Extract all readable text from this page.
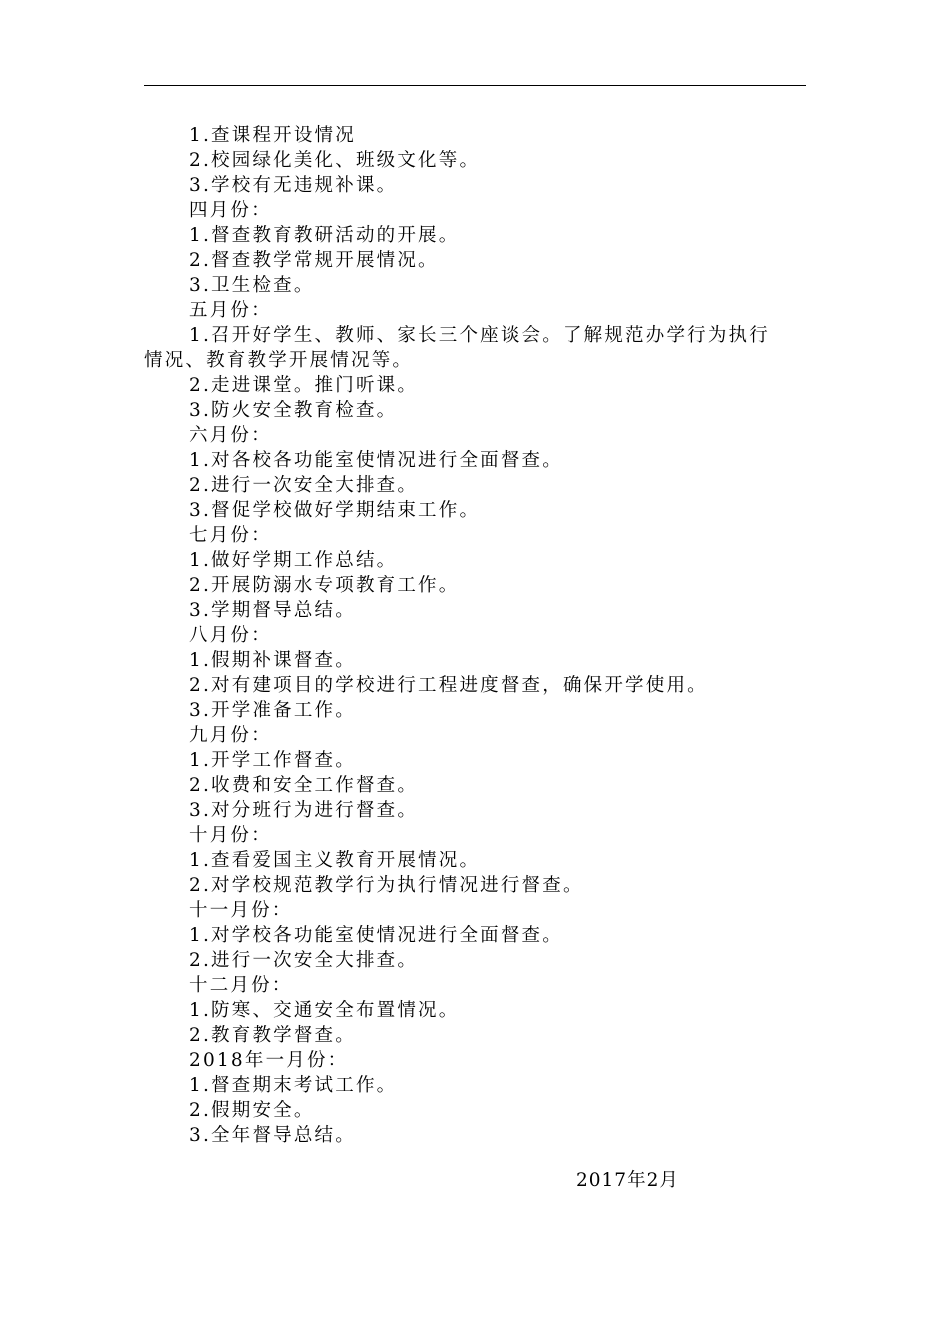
1.查课程开设情况
2.校园绿化美化、班级文化等。
3.学校有无违规补课。
四月份：
1.督查教育教研活动的开展。
2.督查教学常规开展情况。
3.卫生检查。
五月份：
1.召开好学生、教师、家长三个座谈会。了解规范办学行为执行
情况、教育教学开展情况等。
2.走进课堂。推门听课。
3.防火安全教育检查。
六月份：
1.对各校各功能室使情况进行全面督查。
2.进行一次安全大排查。
3.督促学校做好学期结束工作。
七月份：
1.做好学期工作总结。
2.开展防溺水专项教育工作。
3.学期督导总结。
八月份：
1.假期补课督查。
2.对有建项目的学校进行工程进度督查，确保开学使用。
3.开学准备工作。
九月份：
1.开学工作督查。
2.收费和安全工作督查。
3.对分班行为进行督查。
十月份：
1.查看爱国主义教育开展情况。
2.对学校规范教学行为执行情况进行督查。
十一月份：
1.对学校各功能室使情况进行全面督查。
2.进行一次安全大排查。
十二月份：
1.防寒、交通安全布置情况。
2.教育教学督查。
2018年一月份：
1.督查期末考试工作。
2.假期安全。
3.全年督导总结。
2017年2月
